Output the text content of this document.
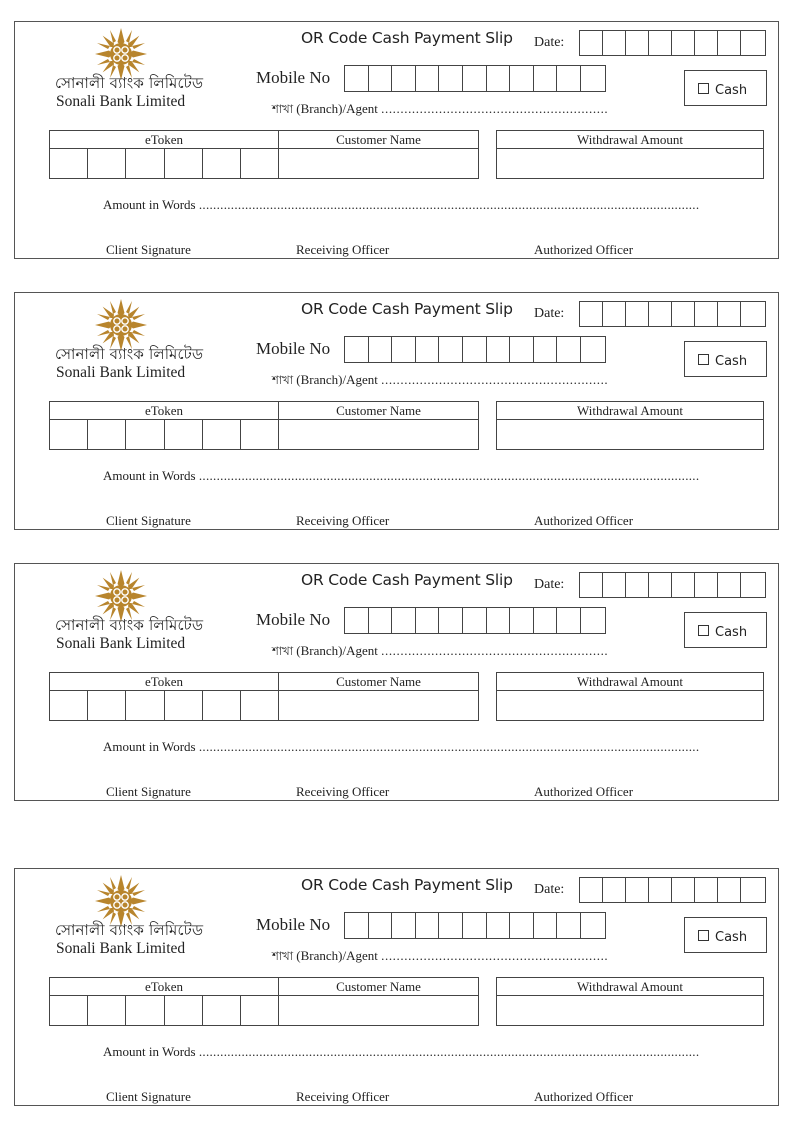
সোনালী ব্যাংক লিমিটেড
Sonali Bank Limited
OR Code Cash Payment Slip Date:
Mobile No
Cash
শাখা (Branch)/Agent ...........................................................
eToken	Customer Name	Withdrawal Amount
Amount in Words .............................................................................................................................................
Client Signature	Receiving Officer	Authorized Officer
সোনালী ব্যাংক লিমিটেড
Sonali Bank Limited
OR Code Cash Payment Slip Date:
Mobile No
Cash
শাখা (Branch)/Agent ...........................................................
eToken	Customer Name	Withdrawal Amount
Amount in Words .............................................................................................................................................
Client Signature	Receiving Officer	Authorized Officer
সোনালী ব্যাংক লিমিটেড
Sonali Bank Limited
OR Code Cash Payment Slip Date:
Mobile No
Cash
শাখা (Branch)/Agent ...........................................................
eToken	Customer Name	Withdrawal Amount
Amount in Words .............................................................................................................................................
Client Signature	Receiving Officer	Authorized Officer
সোনালী ব্যাংক লিমিটেড
Sonali Bank Limited
OR Code Cash Payment Slip Date:
Mobile No
Cash
শাখা (Branch)/Agent ...........................................................
eToken	Customer Name	Withdrawal Amount
Amount in Words .............................................................................................................................................
Client Signature	Receiving Officer	Authorized Officer
